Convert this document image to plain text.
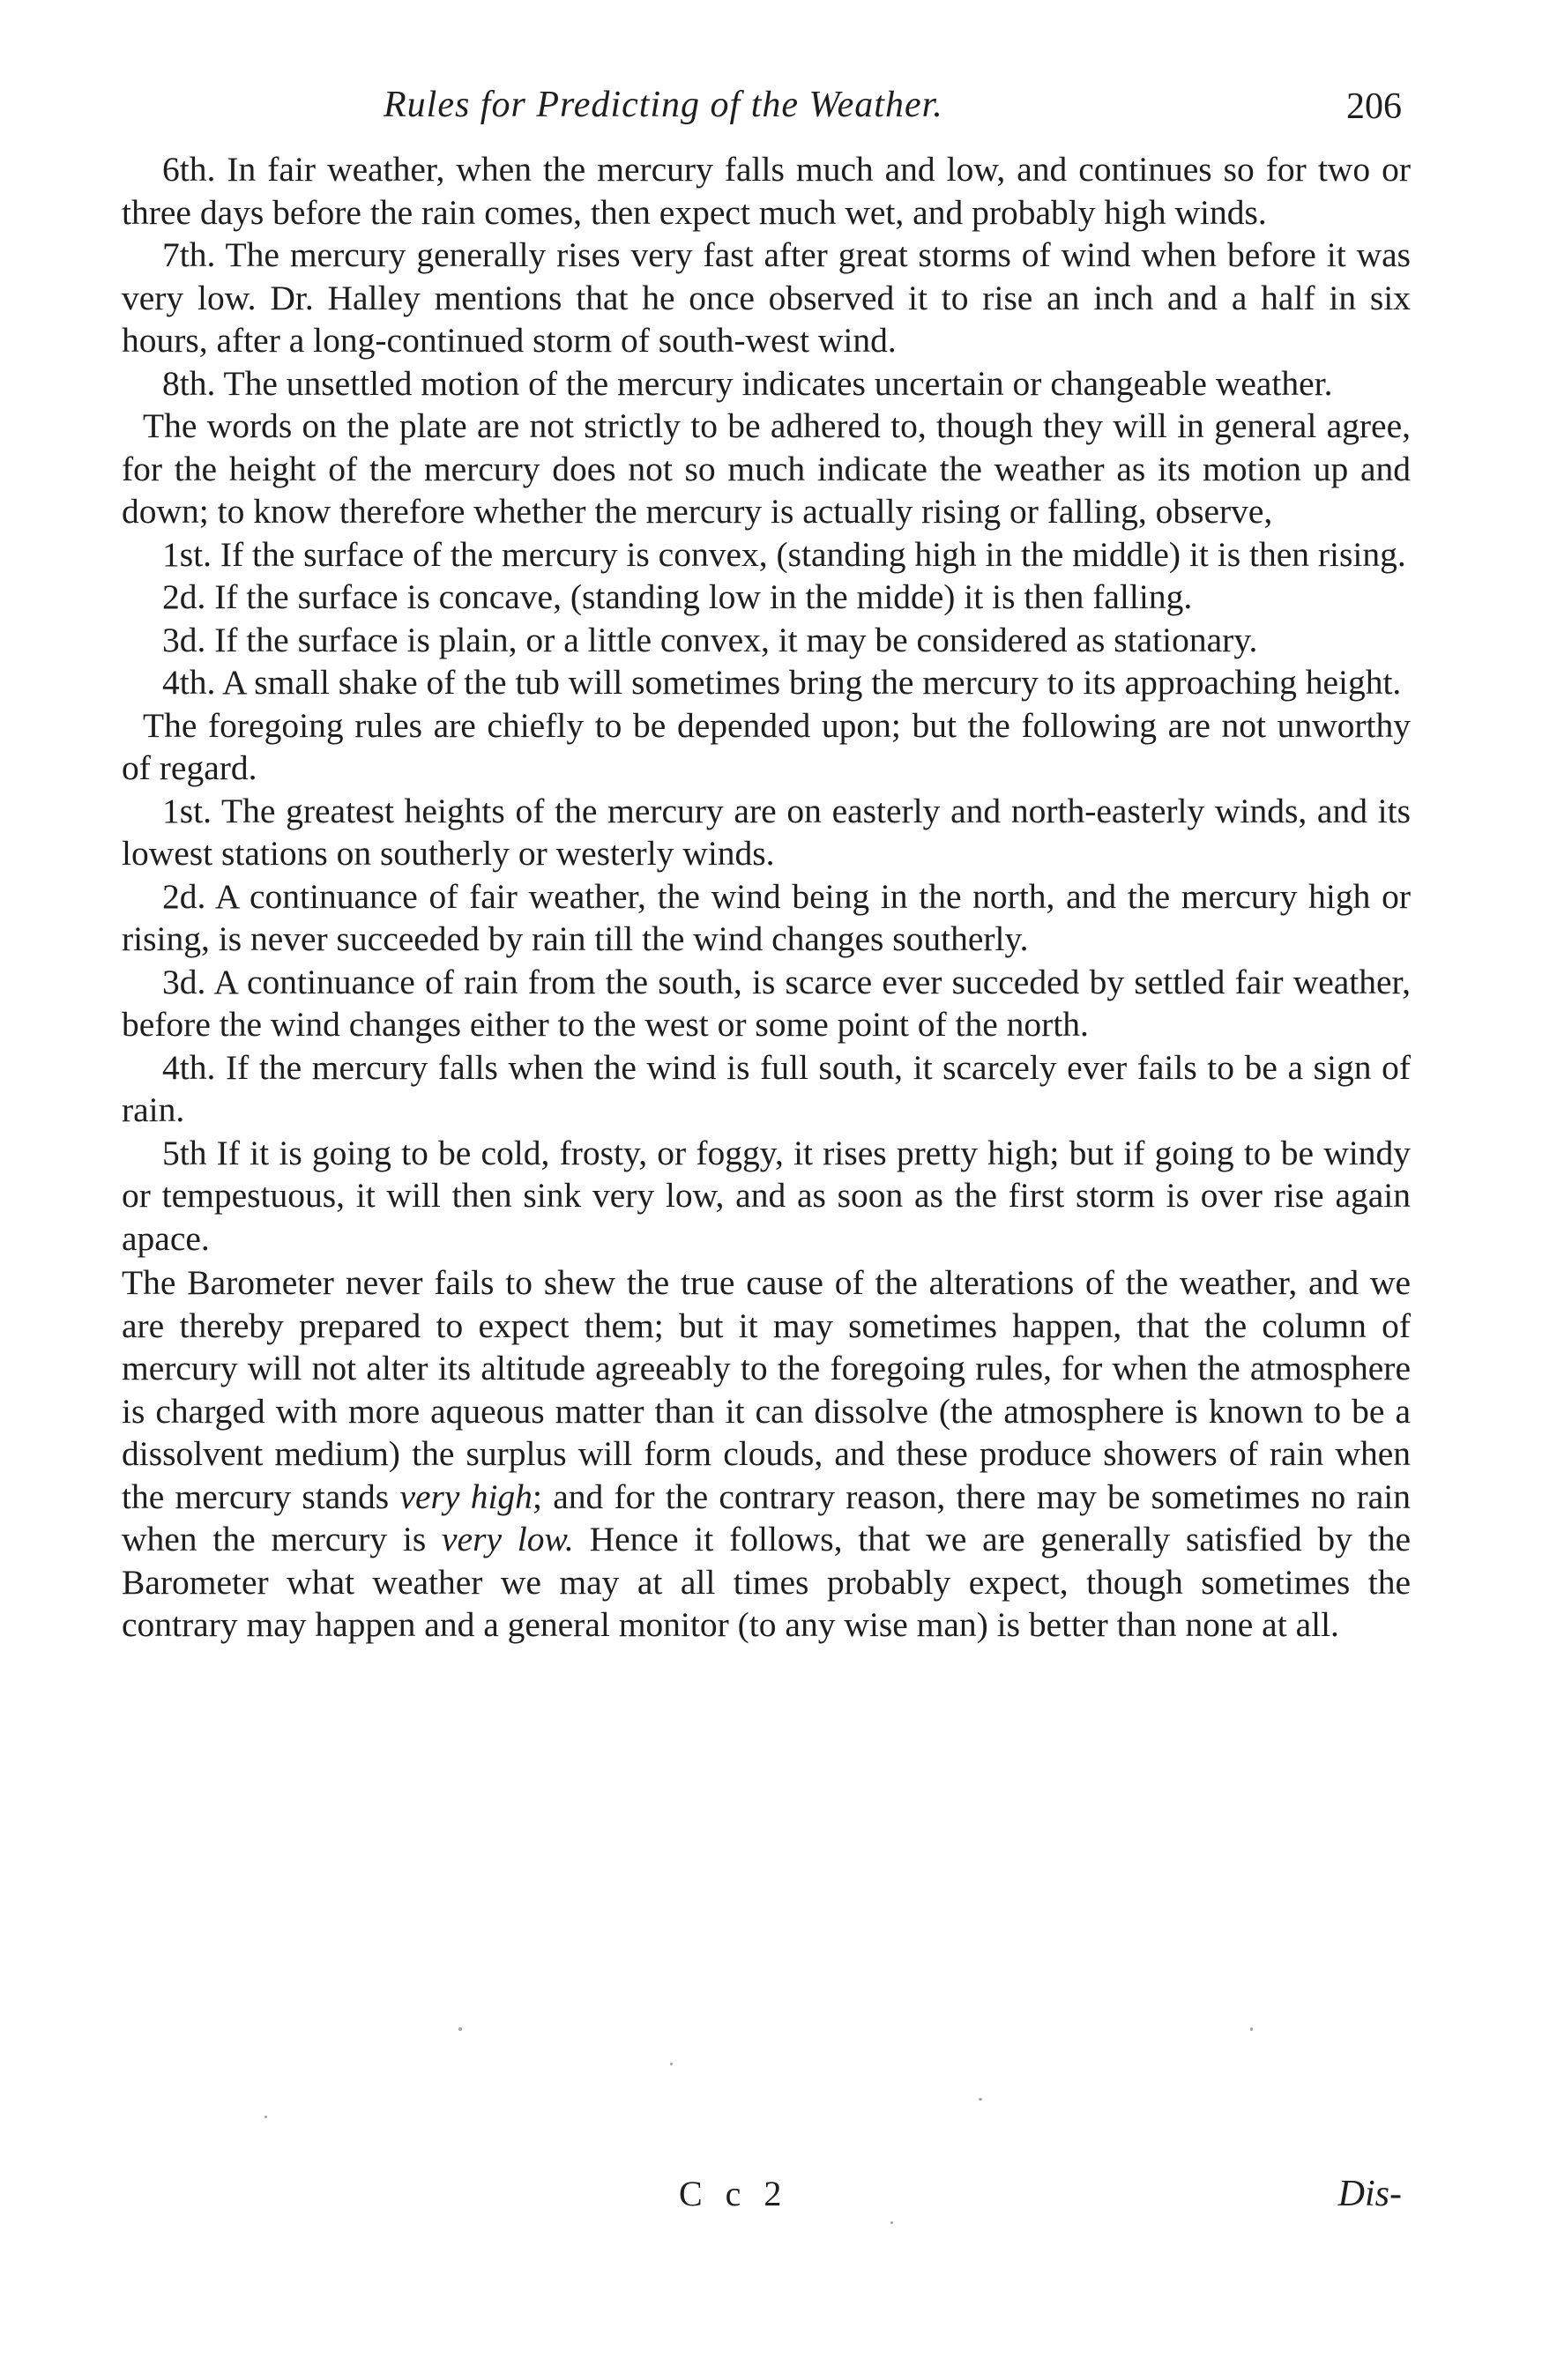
Rules for Predicting of the Weather.	206

6th. In fair weather, when the mercury falls much and low, and continues so for two or three days before the rain comes, then expect much wet, and probably high winds.

7th. The mercury generally rises very fast after great storms of wind when before it was very low. Dr. Halley mentions that he once observed it to rise an inch and a half in six hours, after a long-continued storm of south-west wind.

8th. The unsettled motion of the mercury indicates uncertain or changeable weather.

The words on the plate are not strictly to be adhered to, though they will in general agree, for the height of the mercury does not so much indicate the weather as its motion up and down; to know therefore whether the mercury is actually rising or falling, observe,

1st. If the surface of the mercury is convex, (standing high in the middle) it is then rising.

2d. If the surface is concave, (standing low in the midde) it is then falling.

3d. If the surface is plain, or a little convex, it may be considered as stationary.

4th. A small shake of the tub will sometimes bring the mercury to its approaching height.

The foregoing rules are chiefly to be depended upon; but the following are not unworthy of regard.

1st. The greatest heights of the mercury are on easterly and north-easterly winds, and its lowest stations on southerly or westerly winds.

2d. A continuance of fair weather, the wind being in the north, and the mercury high or rising, is never succeeded by rain till the wind changes southerly.

3d. A continuance of rain from the south, is scarce ever succeded by settled fair weather, before the wind changes either to the west or some point of the north.

4th. If the mercury falls when the wind is full south, it scarcely ever fails to be a sign of rain.

5th If it is going to be cold, frosty, or foggy, it rises pretty high; but if going to be windy or tempestuous, it will then sink very low, and as soon as the first storm is over rise again apace.

The Barometer never fails to shew the true cause of the alterations of the weather, and we are thereby prepared to expect them; but it may sometimes happen, that the column of mercury will not alter its altitude agreeably to the foregoing rules, for when the atmosphere is charged with more aqueous matter than it can dissolve (the atmosphere is known to be a dissolvent medium) the surplus will form clouds, and these produce showers of rain when the mercury stands very high; and for the contrary reason, there may be sometimes no rain when the mercury is very low. Hence it follows, that we are generally satisfied by the Barometer what weather we may at all times probably expect, though sometimes the contrary may happen and a general monitor (to any wise man) is better than none at all.

C c 2	Dis-
